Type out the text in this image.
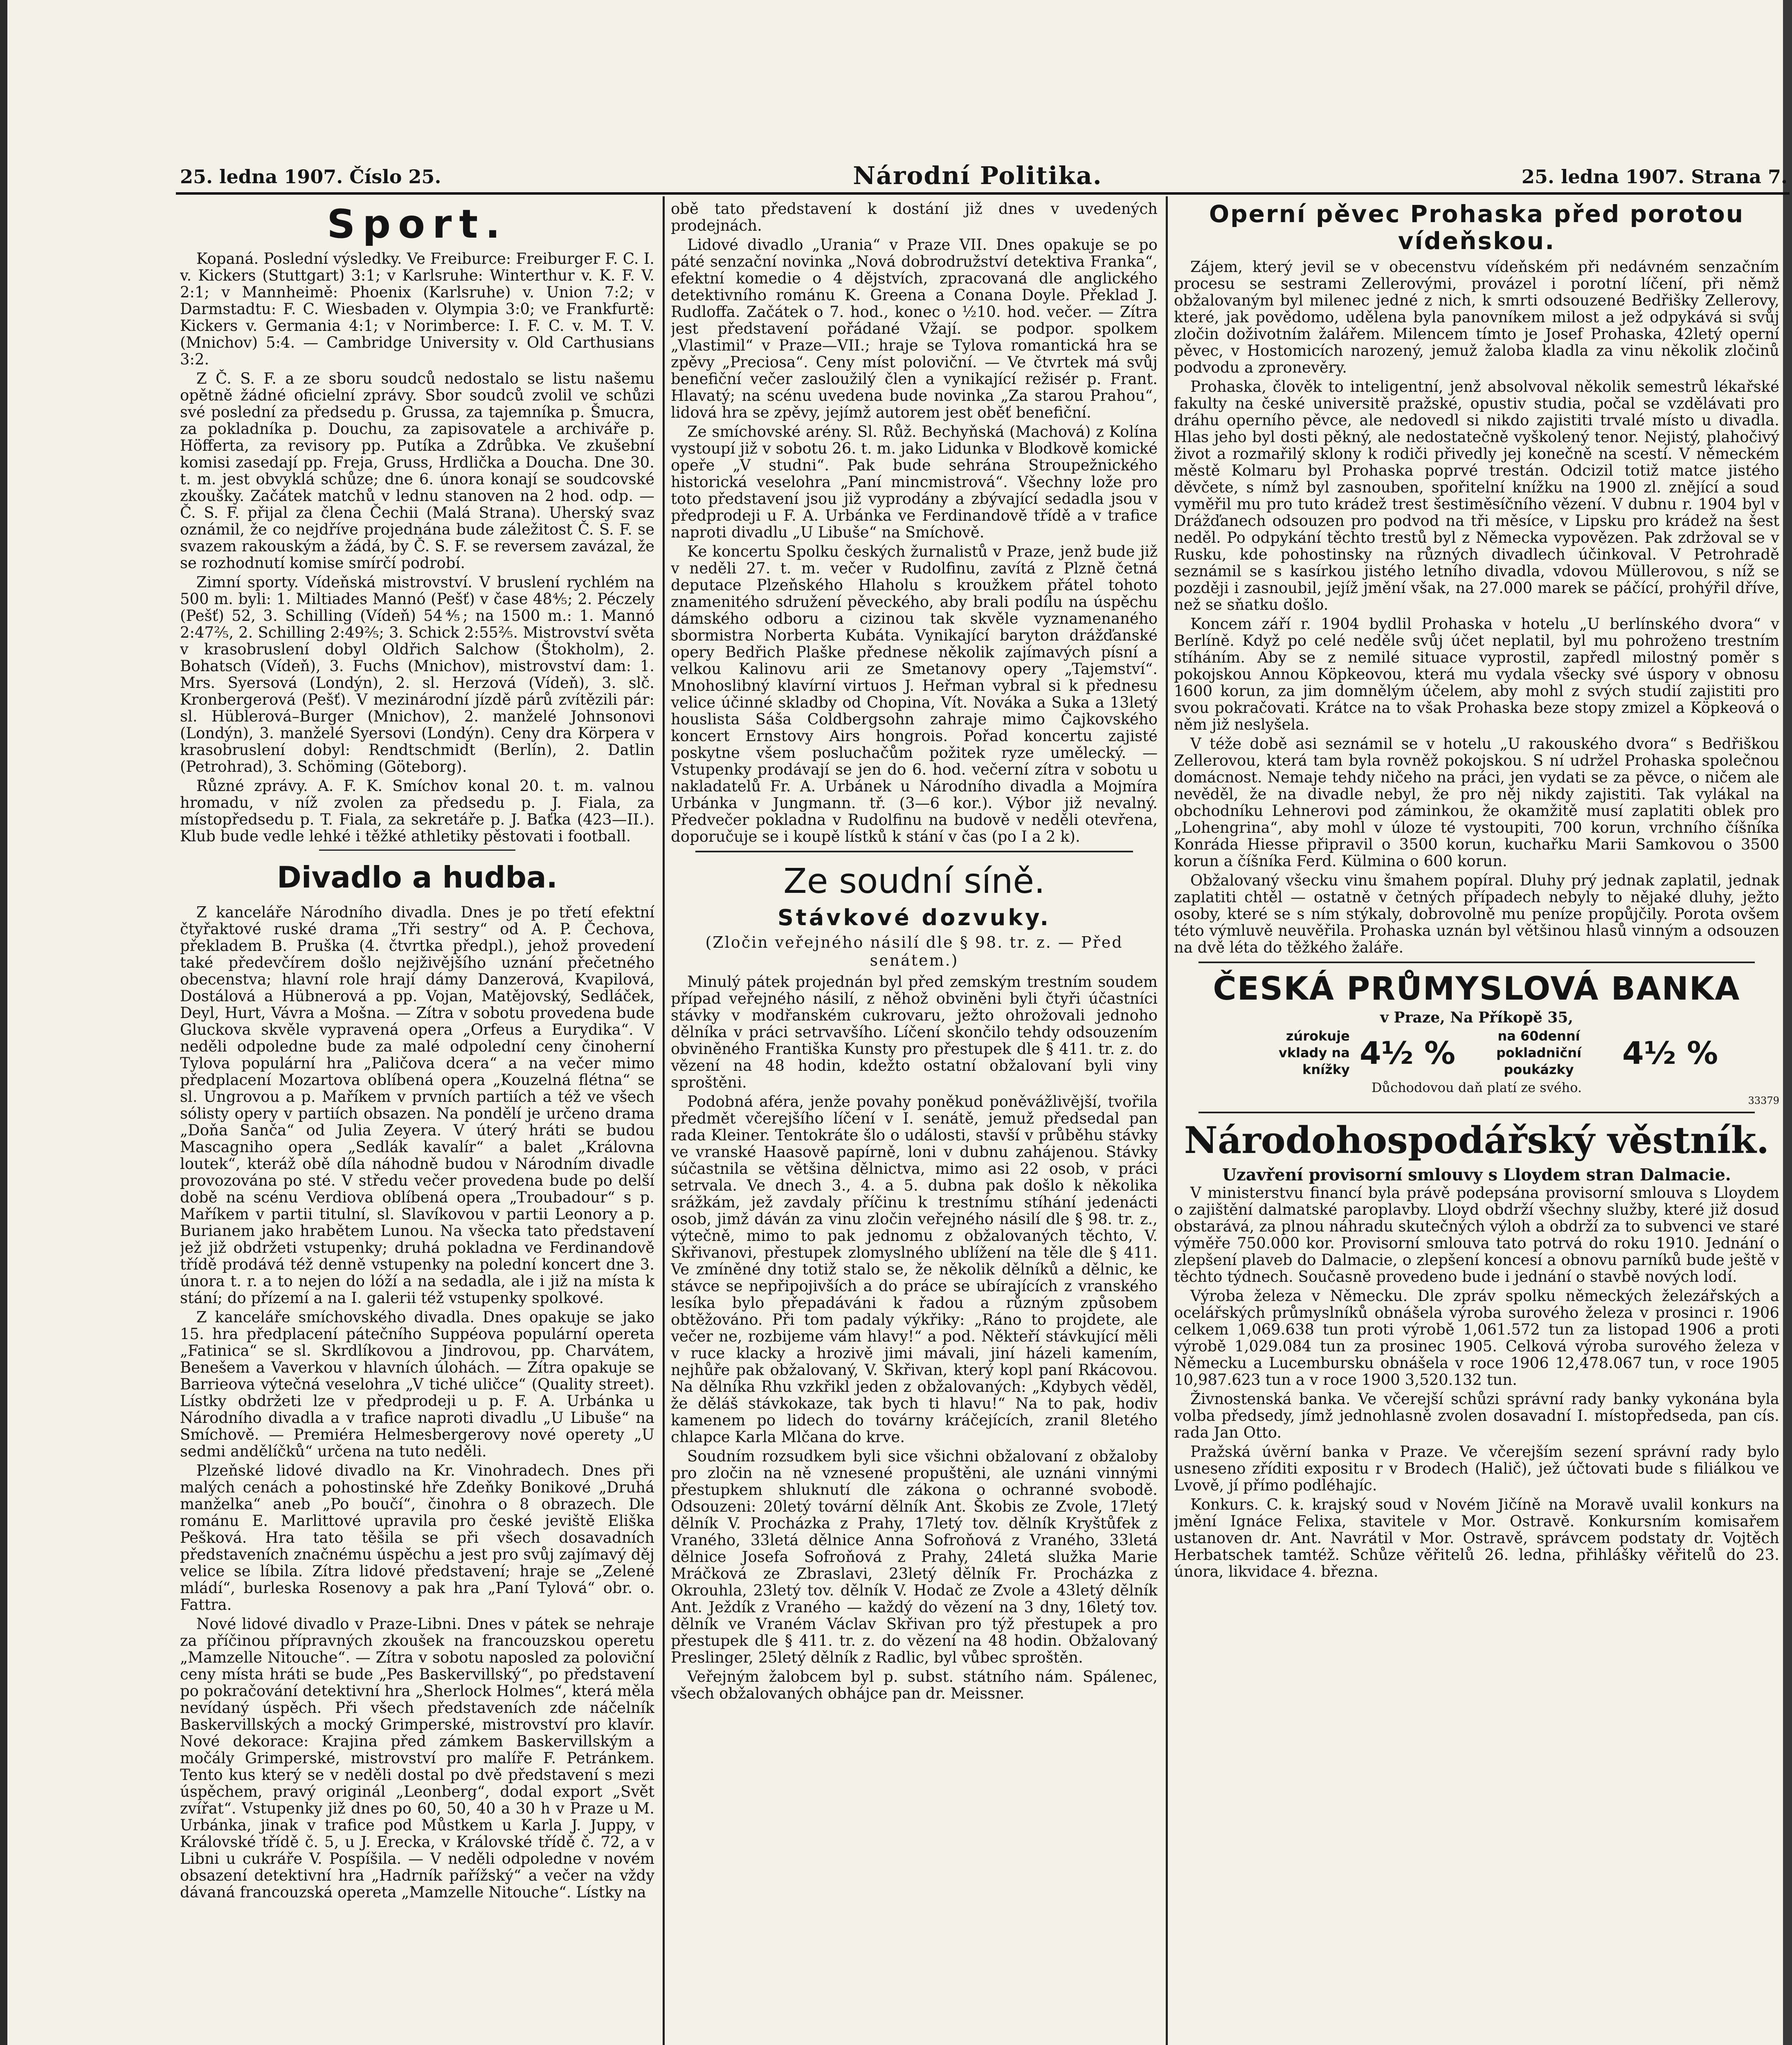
25. ledna 1907. Číslo 25.	Národní Politika.	25. ledna 1907. Strana 7.
Sport.

Kopaná. Poslední výsledky. Ve Freiburce: Freiburger F. C. I. v. Kickers (Stuttgart) 3:1; v Karlsruhe: Winterthur v. K. F. V. 2:1; v Mannheimě: Phoenix (Karlsruhe) v. Union 7:2; v Darmstadtu: F. C. Wiesbaden v. Olympia 3:0; ve Frankfurtě: Kickers v. Germania 4:1; v Norimberce: I. F. C. v. M. T. V. (Mnichov) 5:4. — Cambridge University v. Old Carthusians 3:2.

Z Č. S. F. a ze sboru soudců nedostalo se listu našemu opětně žádné oficielní zprávy. Sbor soudců zvolil ve schůzi své poslední za předsedu p. Grussa, za tajemníka p. Šmucra, za pokladníka p. Douchu, za zapisovatele a archiváře p. Höfferta, za revisory pp. Putíka a Zdrůbka. Ve zkušební komisi zasedají pp. Freja, Gruss, Hrdlička a Doucha. Dne 30. t. m. jest obvyklá schůze; dne 6. února konají se soudcovské zkoušky. Začátek matchů v lednu stanoven na 2 hod. odp. — Č. S. F. přijal za člena Čechii (Malá Strana). Uherský svaz oznámil, že co nejdříve projednána bude záležitost Č. S. F. se svazem rakouským a žádá, by Č. S. F. se reversem zavázal, že se rozhodnutí komise smírčí podrobí.

Zimní sporty. Vídeňská mistrovství. V bruslení rychlém na 500 m. byli: 1. Miltiades Mannó (Pešť) v čase 48⅘; 2. Péczely (Pešť) 52, 3. Schilling (Vídeň) 54⅘; na 1500 m.: 1. Mannó 2:47⅖, 2. Schilling 2:49⅖; 3. Schick 2:55⅖. Mistrovství světa v krasobruslení dobyl Oldřich Salchow (Štokholm), 2. Bohatsch (Vídeň), 3. Fuchs (Mnichov), mistrovství dam: 1. Mrs. Syersová (Londýn), 2. sl. Herzová (Vídeň), 3. slč. Kronbergerová (Pešť). V mezinárodní jízdě párů zvítězili pár: sl. Hüblerová–Burger (Mnichov), 2. manželé Johnsonovi (Londýn), 3. manželé Syersovi (Londýn). Ceny dra Körpera v krasobruslení dobyl: Rendtschmidt (Berlín), 2. Datlin (Petrohrad), 3. Schöming (Göteborg).

Různé zprávy. A. F. K. Smíchov konal 20. t. m. valnou hromadu, v níž zvolen za předsedu p. J. Fiala, za místopředsedu p. T. Fiala, za sekretáře p. J. Baťka (423—II.). Klub bude vedle lehké i těžké athletiky pěstovati i football.

Divadlo a hudba.

Z kanceláře Národního divadla. Dnes je po třetí efektní čtyřaktové ruské drama „Tři sestry“ od A. P. Čechova, překladem B. Pruška (4. čtvrtka předpl.), jehož provedení také předevčírem došlo nejživějšího uznání přečetného obecenstva; hlavní role hrají dámy Danzerová, Kvapilová, Dostálová a Hübnerová a pp. Vojan, Matějovský, Sedláček, Deyl, Hurt, Vávra a Mošna. — Zítra v sobotu provedena bude Gluckova skvěle vypravená opera „Orfeus a Eurydika“. V neděli odpoledne bude za malé odpolední ceny činoherní Tylova populární hra „Paličova dcera“ a na večer mimo předplacení Mozartova oblíbená opera „Kouzelná flétna“ se sl. Ungrovou a p. Maříkem v prvních partiích a též ve všech sólisty opery v partiích obsazen. Na pondělí je určeno drama „Doňa Sanča“ od Julia Zeyera. V úterý hráti se budou Mascagniho opera „Sedlák kavalír“ a balet „Královna loutek“, kteráž obě díla náhodně budou v Národním divadle provozována po sté. V středu večer provedena bude po delší době na scénu Verdiova oblíbená opera „Troubadour“ s p. Maříkem v partii titulní, sl. Slavíkovou v partii Leonory a p. Burianem jako hrabětem Lunou. Na všecka tato představení jež již obdržeti vstupenky; druhá pokladna ve Ferdinandově třídě prodává též denně vstupenky na polední koncert dne 3. února t. r. a to nejen do lóží a na sedadla, ale i již na místa k stání; do přízemí a na I. galerii též vstupenky spolkové.

Z kanceláře smíchovského divadla. Dnes opakuje se jako 15. hra předplacení pátečního Suppéova populární opereta „Fatinica“ se sl. Skrdlíkovou a Jindrovou, pp. Charvátem, Benešem a Vaverkou v hlavních úlohách. — Zítra opakuje se Barrieova výtečná veselohra „V tiché uličce“ (Quality street). Lístky obdržeti lze v předprodeji u p. F. A. Urbánka u Národního divadla a v trafice naproti divadlu „U Libuše“ na Smíchově. — Premiéra Helmesbergerovy nové operety „U sedmi andělíčků“ určena na tuto neděli.

Plzeňské lidové divadlo na Kr. Vinohradech. Dnes při malých cenách a pohostinské hře Zdeňky Bonikové „Druhá manželka“ aneb „Po boučí“, činohra o 8 obrazech. Dle románu E. Marlittové upravila pro české jeviště Eliška Pešková. Hra tato těšila se při všech dosavadních představeních značnému úspěchu a jest pro svůj zajímavý děj velice se líbila. Zítra lidové představení; hraje se „Zelené mládí“, burleska Rosenovy a pak hra „Paní Tylová“ obr. o. Fattra.

Nové lidové divadlo v Praze-Libni. Dnes v pátek se nehraje za příčinou přípravných zkoušek na francouzskou operetu „Mamzelle Nitouche“. — Zítra v sobotu naposled za poloviční ceny místa hráti se bude „Pes Baskervillský“, po představení po pokračování detektivní hra „Sherlock Holmes“, která měla nevídaný úspěch. Při všech představeních zde náčelník Baskervillských a mocký Grimperské, mistrovství pro klavír. Nové dekorace: Krajina před zámkem Baskervillským a močály Grimperské, mistrovství pro malíře F. Petránkem. Tento kus který se v neděli dostal po dvě představení s mezi úspěchem, pravý originál „Leonberg“, dodal export „Svět zvířat“. Vstupenky již dnes po 60, 50, 40 a 30 h v Praze u M. Urbánka, jinak v trafice pod Můstkem u Karla J. Juppy, v Královské třídě č. 5, u J. Erecka, v Královské třídě č. 72, a v Libni u cukráře V. Pospíšila. — V neděli odpoledne v novém obsazení detektivní hra „Hadrník pařížský“ a večer na vždy dávaná francouzská opereta „Mamzelle Nitouche“. Lístky na

obě tato představení k dostání již dnes v uvedených prodejnách.

Lidové divadlo „Urania“ v Praze VII. Dnes opakuje se po páté senzační novinka „Nová dobrodružství detektiva Franka“, efektní komedie o 4 dějstvích, zpracovaná dle anglického detektivního románu K. Greena a Conana Doyle. Překlad J. Rudloffa. Začátek o 7. hod., konec o ½10. hod. večer. — Zítra jest představení pořádané Vžají. se podpor. spolkem „Vlastimil“ v Praze—VII.; hraje se Tylova romantická hra se zpěvy „Preciosa“. Ceny míst poloviční. — Ve čtvrtek má svůj benefiční večer zasloužilý člen a vynikající režisér p. Frant. Hlavatý; na scénu uvedena bude novinka „Za starou Prahou“, lidová hra se zpěvy, jejímž autorem jest oběť benefiční.

Ze smíchovské arény. Sl. Růž. Bechyňská (Machová) z Kolína vystoupí již v sobotu 26. t. m. jako Lidunka v Blodkově komické opeře „V studni“. Pak bude sehrána Stroupežnického historická veselohra „Paní mincmistrová“. Všechny lože pro toto představení jsou již vyprodány a zbývající sedadla jsou v předprodeji u F. A. Urbánka ve Ferdinandově třídě a v trafice naproti divadlu „U Libuše“ na Smíchově.

Ke koncertu Spolku českých žurnalistů v Praze, jenž bude již v neděli 27. t. m. večer v Rudolfinu, zavítá z Plzně četná deputace Plzeňského Hlaholu s kroužkem přátel tohoto znamenitého sdružení pěveckého, aby brali podílu na úspěchu dámského odboru a cizinou tak skvěle vyznamenaného sbormistra Norberta Kubáta. Vynikající baryton drážďanské opery Bedřich Plaške přednese několik zajímavých písní a velkou Kalinovu arii ze Smetanovy opery „Tajemství“. Mnohoslibný klavírní virtuos J. Heřman vybral si k přednesu velice účinné skladby od Chopina, Vít. Nováka a Suka a 13letý houslista Sáša Coldbergsohn zahraje mimo Čajkovského koncert Ernstovy Airs hongrois. Pořad koncertu zajisté poskytne všem posluchačům požitek ryze umělecký. — Vstupenky prodávají se jen do 6. hod. večerní zítra v sobotu u nakladatelů Fr. A. Urbánek u Národního divadla a Mojmíra Urbánka v Jungmann. tř. (3—6 kor.). Výbor již nevalný. Předvečer pokladna v Rudolfinu na budově v neděli otevřena, doporučuje se i koupě lístků k stání v čas (po I a 2 k).

Ze soudní síně.
Stávkové dozvuky.
(Zločin veřejného násilí dle § 98. tr. z. — Před senátem.)

Minulý pátek projednán byl před zemským trestním soudem případ veřejného násilí, z něhož obviněni byli čtyři účastníci stávky v modřanském cukrovaru, ježto ohrožovali jednoho dělníka v práci setrvavšího. Líčení skončilo tehdy odsouzením obviněného Františka Kunsty pro přestupek dle § 411. tr. z. do vězení na 48 hodin, kdežto ostatní obžalovaní byli viny sproštěni.

Podobná aféra, jenže povahy poněkud poněvážlivější, tvořila předmět včerejšího líčení v I. senátě, jemuž předsedal pan rada Kleiner. Tentokráte šlo o události, stavší v průběhu stávky ve vranské Haasově papírně, loni v dubnu zahájenou. Stávky súčastnila se většina dělnictva, mimo asi 22 osob, v práci setrvala. Ve dnech 3., 4. a 5. dubna pak došlo k několika srážkám, jež zavdaly příčinu k trestnímu stíhání jedenácti osob, jimž dáván za vinu zločin veřejného násilí dle § 98. tr. z., výtečně, mimo to pak jednomu z obžalovaných těchto, V. Skřivanovi, přestupek zlomyslného ublížení na těle dle § 411. Ve zmíněné dny totiž stalo se, že několik dělníků a dělnic, ke stávce se nepřipojivších a do práce se ubírajících z vranského lesíka bylo přepadáváni k řadou a různým způsobem obtěžováno. Při tom padaly výkřiky: „Ráno to projdete, ale večer ne, rozbijeme vám hlavy!“ a pod. Někteří stávkující měli v ruce klacky a hrozivě jimi mávali, jiní házeli kamením, nejhůře pak obžalovaný, V. Skřivan, který kopl paní Rkácovou. Na dělníka Rhu vzkřikl jeden z obžalovaných: „Kdybych věděl, že děláš stávkokaze, tak bych ti hlavu!“ Na to pak, hodiv kamenem po lidech do továrny kráčejících, zranil 8letého chlapce Karla Mlčana do krve.

Soudním rozsudkem byli sice všichni obžalovaní z obžaloby pro zločin na ně vznesené propuštěni, ale uznáni vinnými přestupkem shluknutí dle zákona o ochranné svobodě. Odsouzeni: 20letý tovární dělník Ant. Škobis ze Zvole, 17letý dělník V. Procházka z Prahy, 17letý tov. dělník Kryštůfek z Vraného, 33letá dělnice Anna Sofroňová z Vraného, 33letá dělnice Josefa Sofroňová z Prahy, 24letá služka Marie Mráčková ze Zbraslavi, 23letý dělník Fr. Procházka z Okrouhla, 23letý tov. dělník V. Hodač ze Zvole a 43letý dělník Ant. Ježdík z Vraného — každý do vězení na 3 dny, 16letý tov. dělník ve Vraném Václav Skřivan pro týž přestupek a pro přestupek dle § 411. tr. z. do vězení na 48 hodin. Obžalovaný Preslinger, 25letý dělník z Radlic, byl vůbec sproštěn.

Veřejným žalobcem byl p. subst. státního nám. Spálenec, všech obžalovaných obhájce pan dr. Meissner.

Operní pěvec Prohaska před porotou vídeňskou.

Zájem, který jevil se v obecenstvu vídeňském při nedávném senzačním procesu se sestrami Zellerovými, provázel i porotní líčení, při němž obžalovaným byl milenec jedné z nich, k smrti odsouzené Bedřišky Zellerovy, které, jak povědomo, udělena byla panovníkem milost a jež odpykává si svůj zločin doživotním žalářem. Milencem tímto je Josef Prohaska, 42letý operní pěvec, v Hostomicích narozený, jemuž žaloba kladla za vinu několik zločinů podvodu a zpronevěry.

Prohaska, člověk to inteligentní, jenž absolvoval několik semestrů lékařské fakulty na české universitě pražské, opustiv studia, počal se vzdělávati pro dráhu operního pěvce, ale nedovedl si nikdo zajistiti trvalé místo u divadla. Hlas jeho byl dosti pěkný, ale nedostatečně vyškolený tenor. Nejistý, plahočivý život a rozmařilý sklony k rodiči přivedly jej konečně na scestí. V německém městě Kolmaru byl Prohaska poprvé trestán. Odcizil totiž matce jistého děvčete, s nímž byl zasnouben, spořitelní knížku na 1900 zl. znějící a soud vyměřil mu pro tuto krádež trest šestiměsíčního vězení. V dubnu r. 1904 byl v Drážďanech odsouzen pro podvod na tři měsíce, v Lipsku pro krádež na šest neděl. Po odpykání těchto trestů byl z Německa vypovězen. Pak zdržoval se v Rusku, kde pohostinsky na různých divadlech účinkoval. V Petrohradě seznámil se s kasírkou jistého letního divadla, vdovou Müllerovou, s níž se později i zasnoubil, jejíž jmění však, na 27.000 marek se páčící, prohýřil dříve, než se sňatku došlo.

Koncem září r. 1904 bydlil Prohaska v hotelu „U berlínského dvora“ v Berlíně. Když po celé neděle svůj účet neplatil, byl mu pohroženo trestním stíháním. Aby se z nemilé situace vyprostil, zapředl milostný poměr s pokojskou Annou Köpkeovou, která mu vydala všecky své úspory v obnosu 1600 korun, za jim domnělým účelem, aby mohl z svých studií zajistiti pro svou pokračovati. Krátce na to však Prohaska beze stopy zmizel a Köpkeová o něm již neslyšela.

V téže době asi seznámil se v hotelu „U rakouského dvora“ s Bedřiškou Zellerovou, která tam byla rovněž pokojskou. S ní udržel Prohaska společnou domácnost. Nemaje tehdy ničeho na práci, jen vydati se za pěvce, o ničem ale nevěděl, že na divadle nebyl, že pro něj nikdy zajistiti. Tak vylákal na obchodníku Lehnerovi pod záminkou, že okamžitě musí zaplatiti oblek pro „Lohengrina“, aby mohl v úloze té vystoupiti, 700 korun, vrchního číšníka Konráda Hiesse připravil o 3500 korun, kuchařku Marii Samkovou o 3500 korun a číšníka Ferd. Külmina o 600 korun.

Obžalovaný všecku vinu šmahem popíral. Dluhy prý jednak zaplatil, jednak zaplatiti chtěl — ostatně v četných případech nebyly to nějaké dluhy, ježto osoby, které se s ním stýkaly, dobrovolně mu peníze propůjčily. Porota ovšem této výmluvě neuvěřila. Prohaska uznán byl většinou hlasů vinným a odsouzen na dvě léta do těžkého žaláře.

ČESKÁ PRŮMYSLOVÁ BANKA
v Praze, Na Příkopě 35,
zúrokuje vklady na knížky 4½ %	na 60denní pokladniční poukázky	4½ %
Důchodovou daň platí ze svého.
33379
Národohospodářský věstník.
Uzavření provisorní smlouvy s Lloydem stran Dalmacie.

V ministerstvu financí byla právě podepsána provisorní smlouva s Lloydem o zajištění dalmatské paroplavby. Lloyd obdrží všechny služby, které již dosud obstarává, za plnou náhradu skutečných výloh a obdrží za to subvenci ve staré výměře 750.000 kor. Provisorní smlouva tato potrvá do roku 1910. Jednání o zlepšení plaveb do Dalmacie, o zlepšení koncesí a obnovu parníků bude ještě v těchto týdnech. Současně provedeno bude i jednání o stavbě nových lodí.

Výroba železa v Německu. Dle zpráv spolku německých železářských a ocelářských průmyslníků obnášela výroba surového železa v prosinci r. 1906 celkem 1,069.638 tun proti výrobě 1,061.572 tun za listopad 1906 a proti výrobě 1,029.084 tun za prosinec 1905. Celková výroba surového železa v Německu a Lucembursku obnášela v roce 1906 12,478.067 tun, v roce 1905 10,987.623 tun a v roce 1900 3,520.132 tun.

Živnostenská banka. Ve včerejší schůzi správní rady banky vykonána byla volba předsedy, jímž jednohlasně zvolen dosavadní I. místopředseda, pan cís. rada Jan Otto.

Pražská úvěrní banka v Praze. Ve včerejším sezení správní rady bylo usneseno zříditi expositu r v Brodech (Halič), jež účtovati bude s filiálkou ve Lvově, jí přímo podléhajíc.

Konkurs. C. k. krajský soud v Novém Jičíně na Moravě uvalil konkurs na jmění Ignáce Felixa, stavitele v Mor. Ostravě. Konkursním komisařem ustanoven dr. Ant. Navrátil v Mor. Ostravě, správcem podstaty dr. Vojtěch Herbatschek tamtéž. Schůze věřitelů 26. ledna, přihlášky věřitelů do 23. února, likvidace 4. března.
